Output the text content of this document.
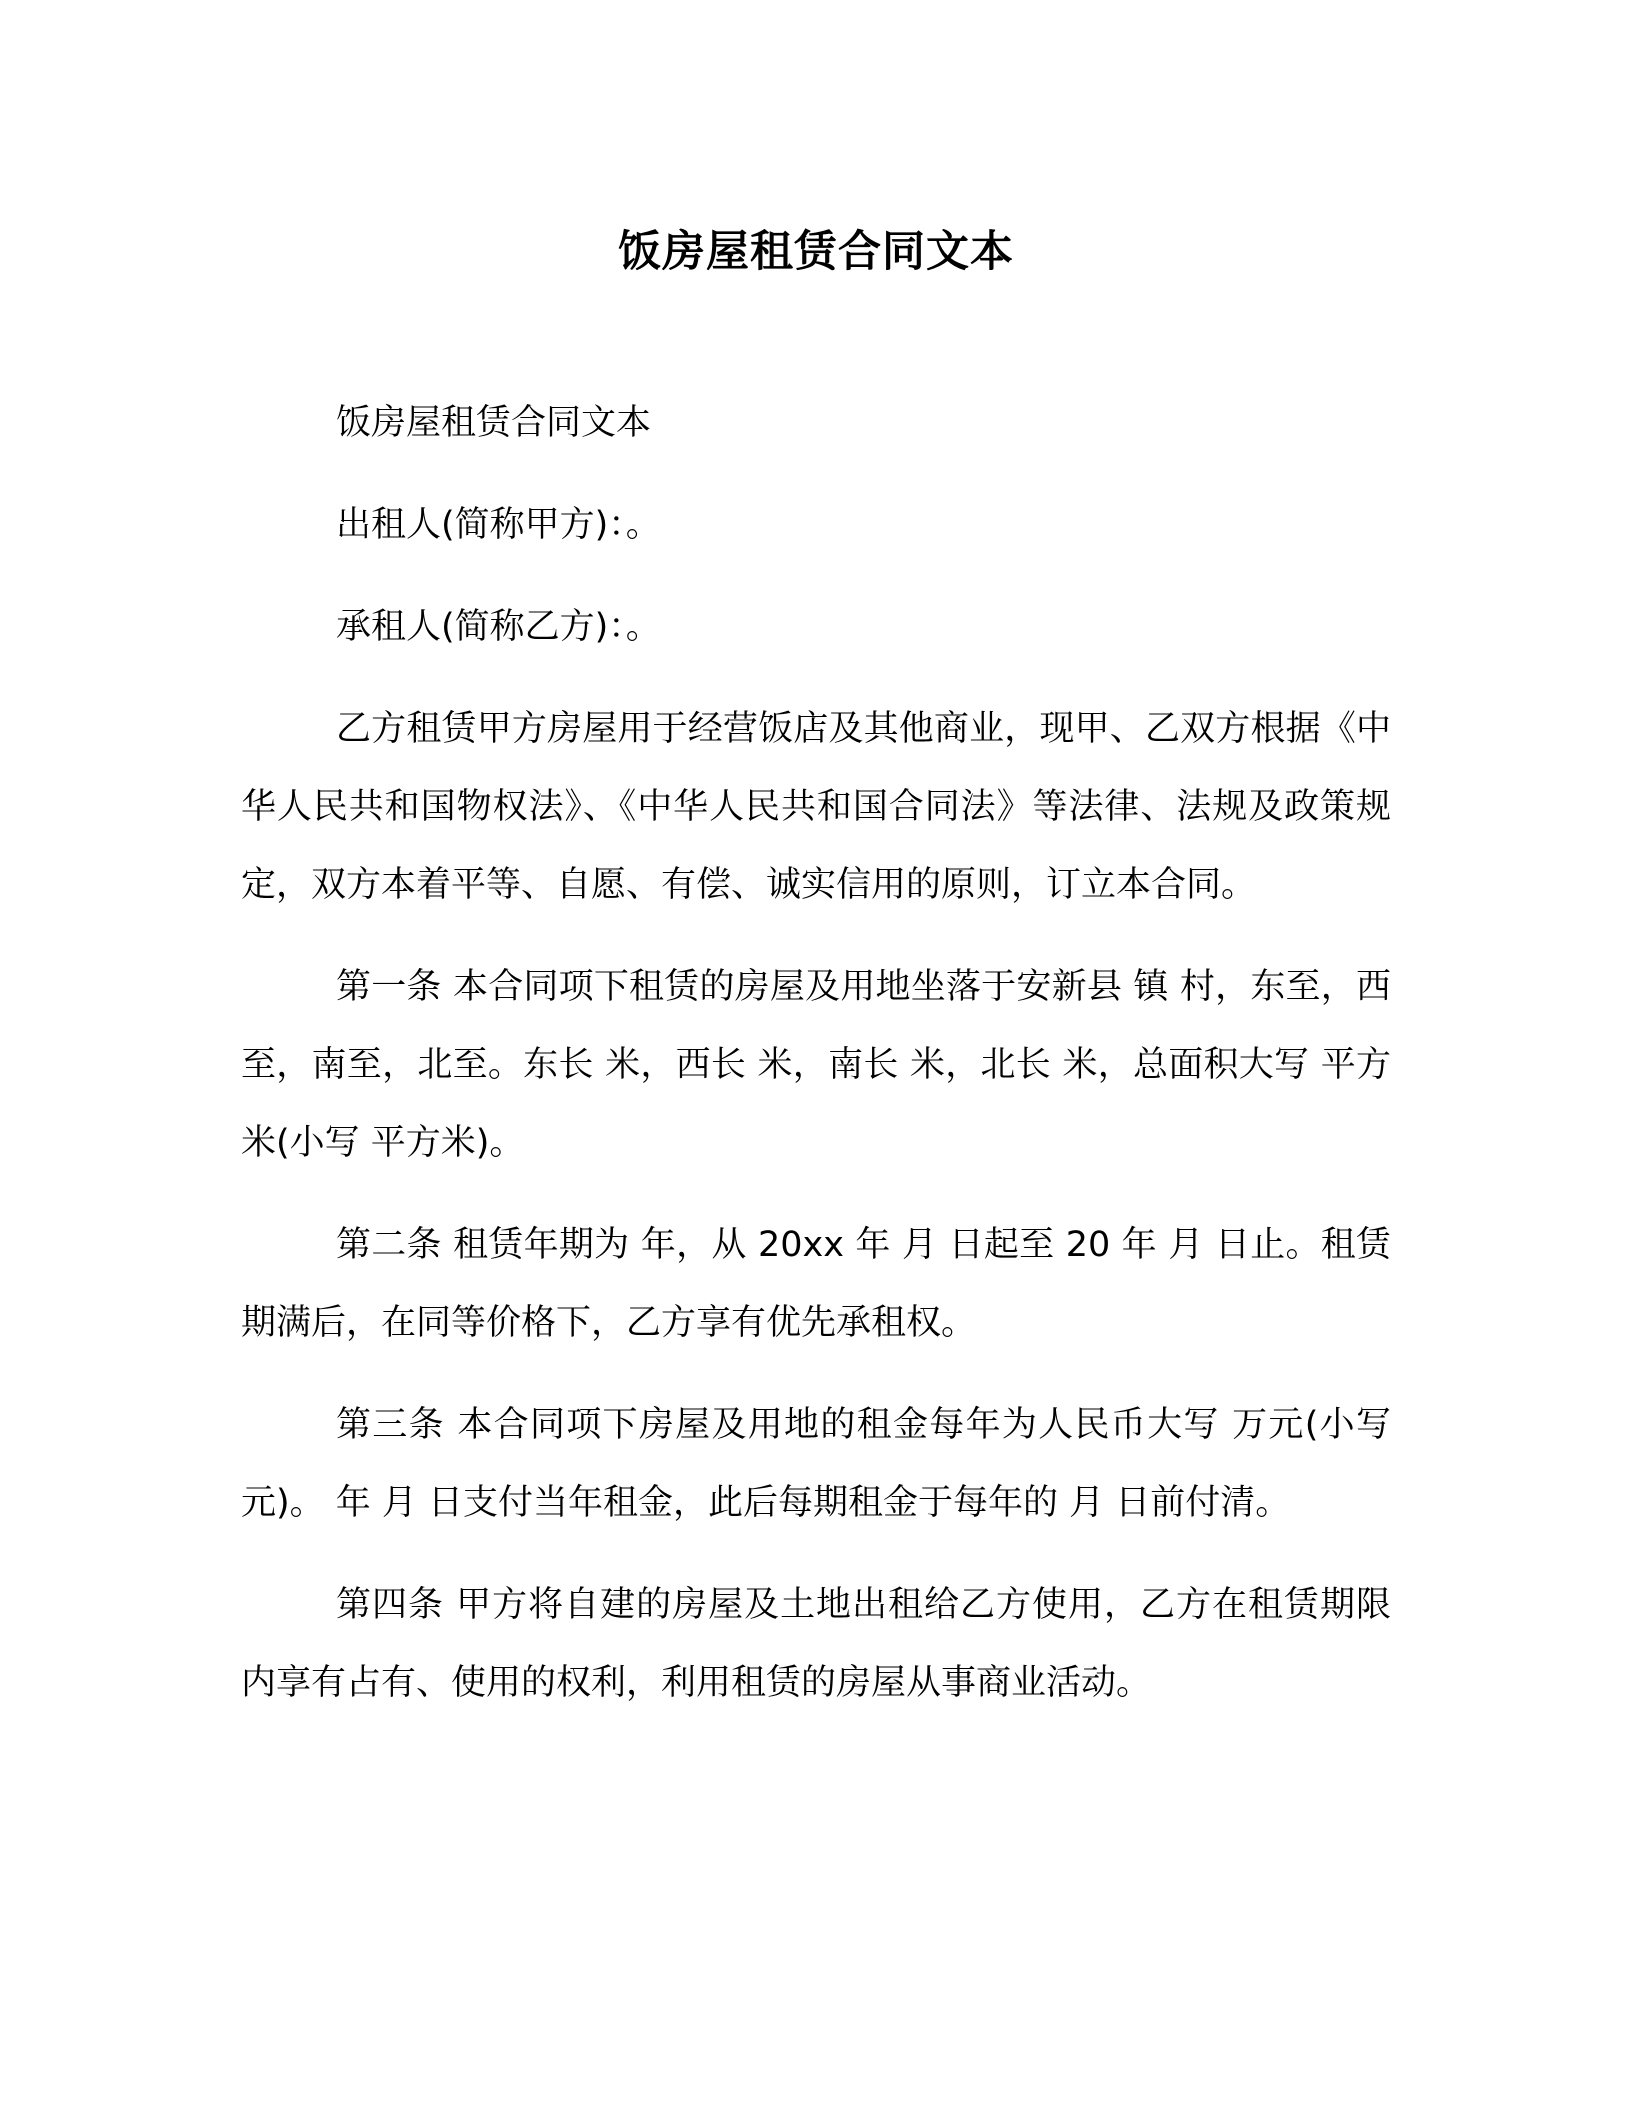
饭房屋租赁合同文本

饭房屋租赁合同文本

出租人(简称甲方)：。

承租人(简称乙方)：。

乙方租赁甲方房屋用于经营饭店及其他商业，现甲、乙双方根据《中华人民共和国物权法》、《中华人民共和国合同法》等法律、法规及政策规定，双方本着平等、自愿、有偿、诚实信用的原则，订立本合同。

第一条 本合同项下租赁的房屋及用地坐落于安新县 镇 村，东至，西至，南至，北至。东长 米，西长 米，南长 米，北长 米，总面积大写 平方米(小写 平方米)。

第二条 租赁年期为 年，从 20xx 年 月 日起至 20 年 月 日止。租赁期满后，在同等价格下，乙方享有优先承租权。

第三条 本合同项下房屋及用地的租金每年为人民币大写 万元(小写 元)。 年 月 日支付当年租金，此后每期租金于每年的 月 日前付清。

第四条 甲方将自建的房屋及土地出租给乙方使用，乙方在租赁期限内享有占有、使用的权利，利用租赁的房屋从事商业活动。
